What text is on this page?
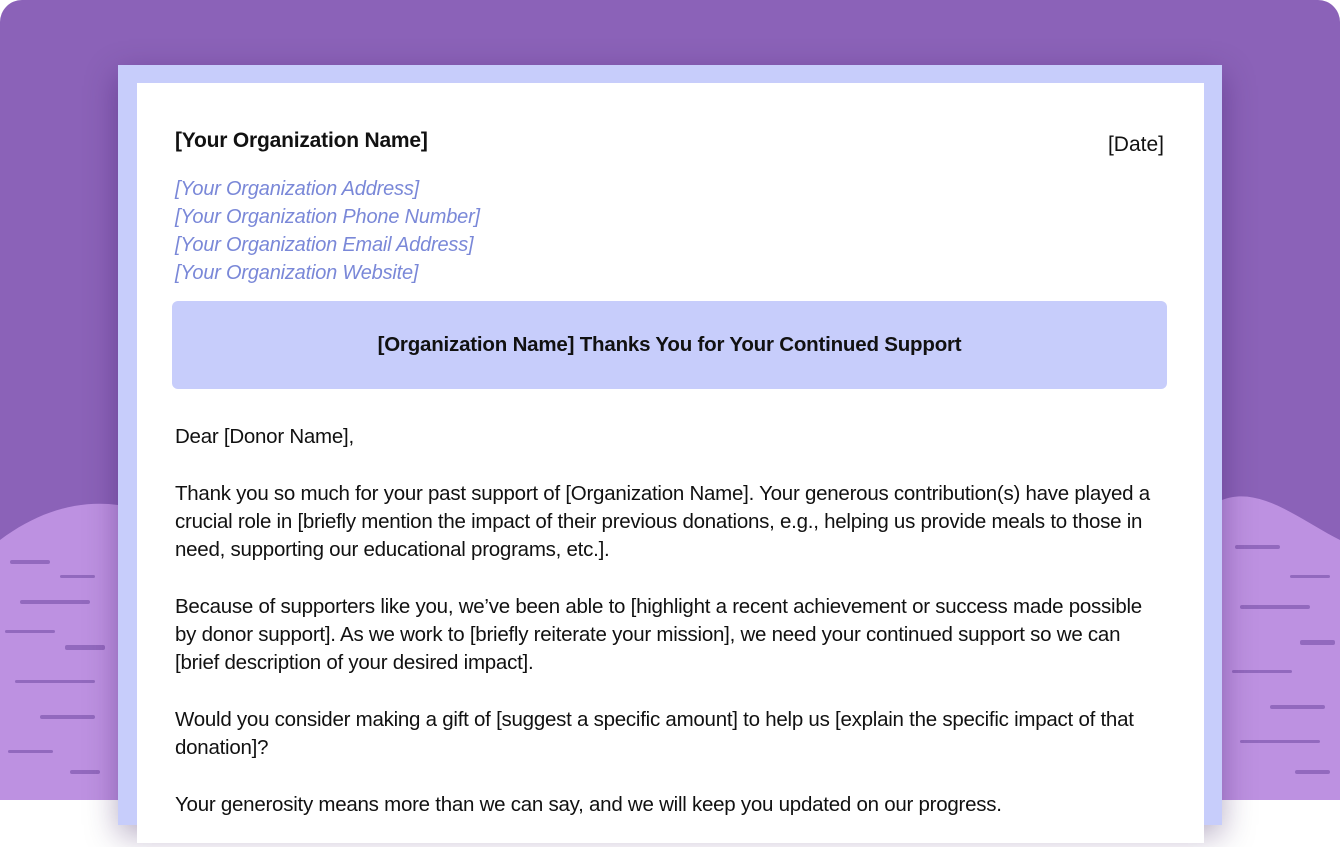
[Your Organization Name]	[Date]
[Your Organization Address]
[Your Organization Phone Number]
[Your Organization Email Address]
[Your Organization Website]
[Organization Name] Thanks You for Your Continued Support

Dear [Donor Name],

Thank you so much for your past support of [Organization Name]. Your generous contribution(s) have played a crucial role in [briefly mention the impact of their previous donations, e.g., helping us provide meals to those in need, supporting our educational programs, etc.].

Because of supporters like you, we’ve been able to [highlight a recent achievement or success made possible by donor support]. As we work to [briefly reiterate your mission], we need your continued support so we can [brief description of your desired impact].

Would you consider making a gift of [suggest a specific amount] to help us [explain the specific impact of that donation]?

Your generosity means more than we can say, and we will keep you updated on our progress.
